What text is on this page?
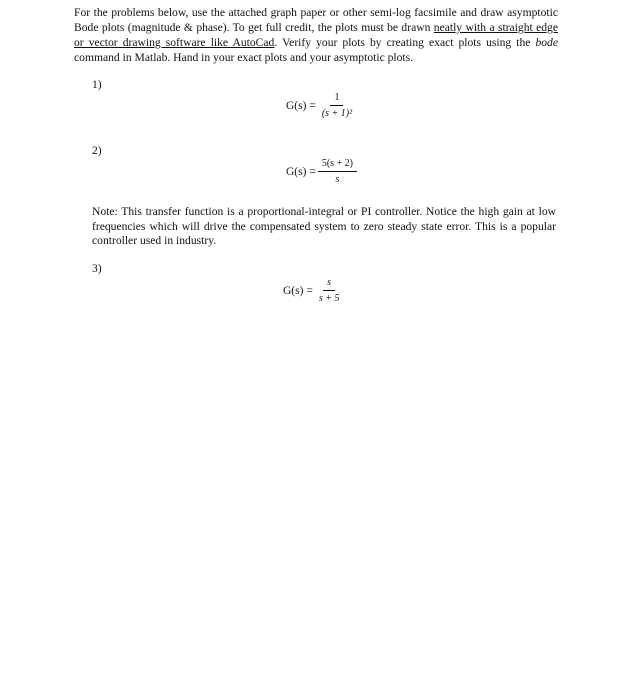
For the problems below, use the attached graph paper or other semi-log facsimile and draw asymptotic Bode plots (magnitude & phase). To get full credit, the plots must be drawn neatly with a straight edge or vector drawing software like AutoCad. Verify your plots by creating exact plots using the bode command in Matlab. Hand in your exact plots and your asymptotic plots.

1)
$G(s) = \frac{1}{\text{(s + 1)²}}$
2)
$G(s) = \frac{5(s + 2)}{s}$

Note: This transfer function is a proportional-integral or PI controller. Notice the high gain at low frequencies which will drive the compensated system to zero steady state error. This is a popular controller used in industry.

3)
$G(s) = \frac{s}{s + 5}$
